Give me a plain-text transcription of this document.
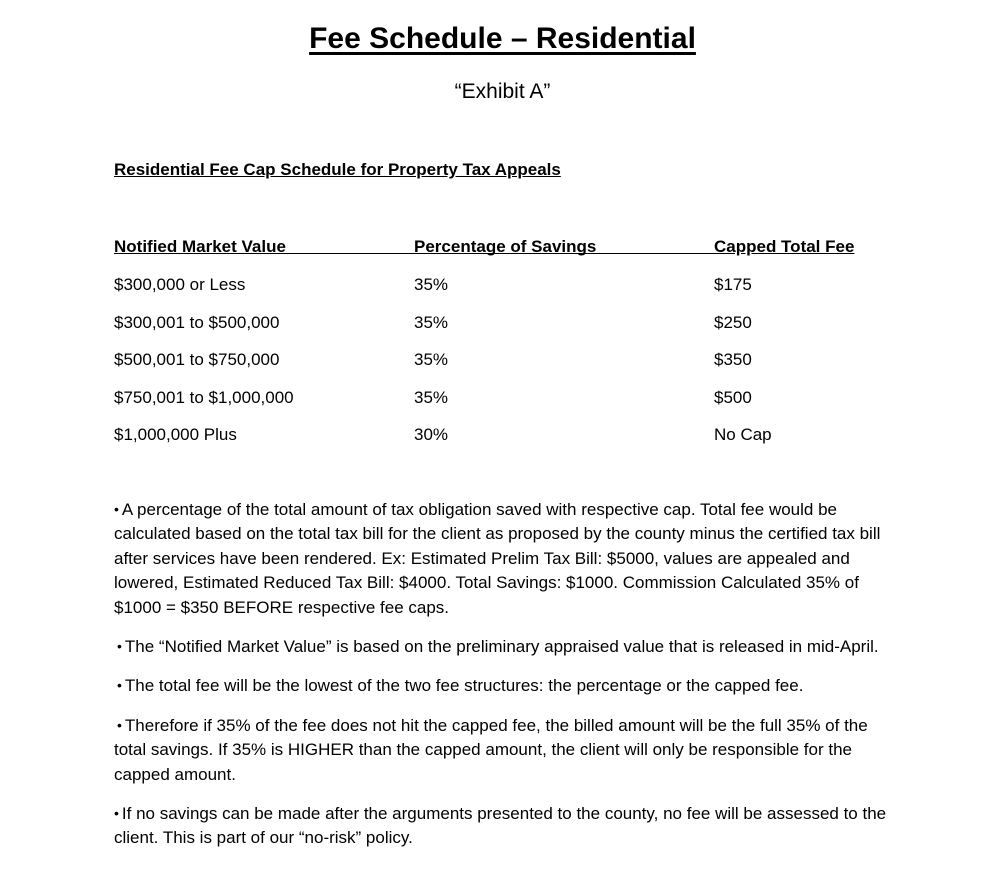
Fee Schedule – Residential

“Exhibit A”

Residential Fee Cap Schedule for Property Tax Appeals
Notified Market Value	Percentage of Savings	Capped Total Fee
$300,000 or Less	35%	$175
$300,001 to $500,000	35%	$250
$500,001 to $750,000	35%	$350
$750,001 to $1,000,000	35%	$500
$1,000,000 Plus	30%	No Cap

• A percentage of the total amount of tax obligation saved with respective cap. Total fee would be calculated based on the total tax bill for the client as proposed by the county minus the certified tax bill after services have been rendered. Ex: Estimated Prelim Tax Bill: $5000, values are appealed and lowered, Estimated Reduced Tax Bill: $4000. Total Savings: $1000. Commission Calculated 35% of $1000 = $350 BEFORE respective fee caps.

• The “Notified Market Value” is based on the preliminary appraised value that is released in mid-April.

• The total fee will be the lowest of the two fee structures: the percentage or the capped fee.

• Therefore if 35% of the fee does not hit the capped fee, the billed amount will be the full 35% of the total savings. If 35% is HIGHER than the capped amount, the client will only be responsible for the capped amount.

• If no savings can be made after the arguments presented to the county, no fee will be assessed to the client. This is part of our “no-risk” policy.
